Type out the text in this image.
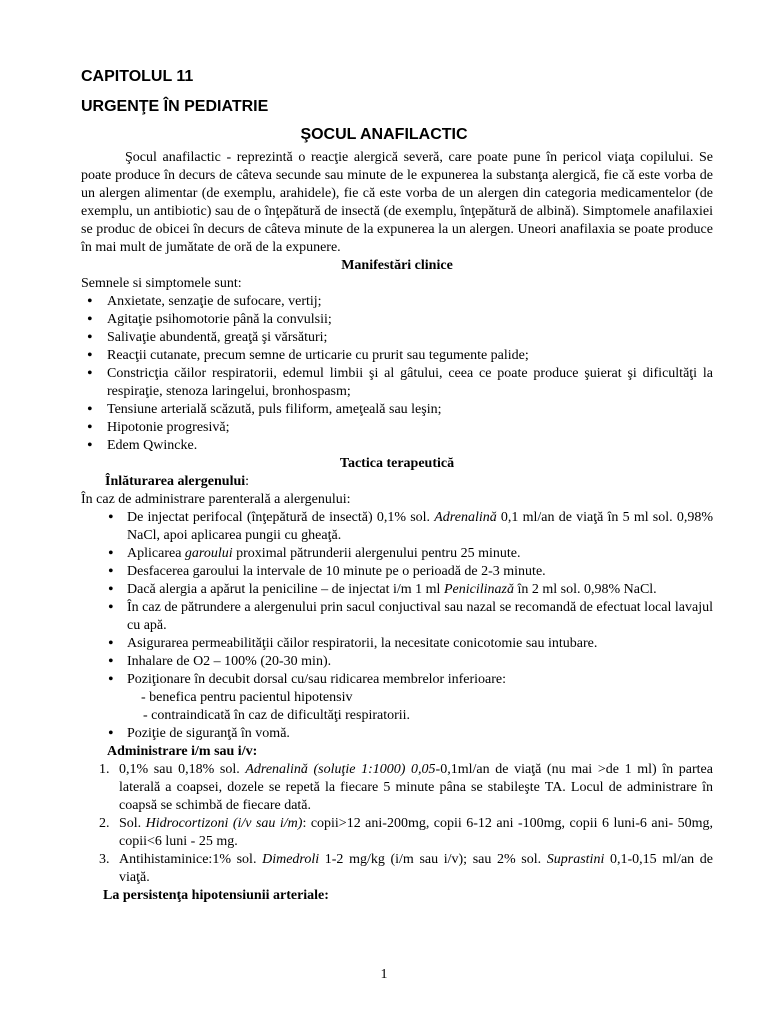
CAPITOLUL 11

URGENŢE ÎN PEDIATRIE

ŞOCUL ANAFILACTIC

Şocul anafilactic - reprezintă o reacţie alergică severă, care poate pune în pericol viaţa copilului. Se poate produce în decurs de câteva secunde sau minute de le expunerea la substanţa alergică, fie că este vorba de un alergen alimentar (de exemplu, arahidele), fie că este vorba de un alergen din categoria medicamentelor (de exemplu, un antibiotic) sau de o înţepătură de insectă (de exemplu, înţepătură de albină). Simptomele anafilaxiei se produc de obicei în decurs de câteva minute de la expunerea la un alergen. Uneori anafilaxia se poate produce în mai mult de jumătate de oră de la expunere.

Manifestări clinice

Semnele si simptomele sunt:

• Anxietate, senzaţie de sufocare, vertij;
• Agitaţie psihomotorie până la convulsii;
• Salivaţie abundentă, greaţă şi vărsături;
• Reacţii cutanate, precum semne de urticarie cu prurit sau tegumente palide;
• Constricţia căilor respiratorii, edemul limbii şi al gâtului, ceea ce poate produce şuierat şi dificultăţi la respiraţie, stenoza laringelui, bronhospasm;
• Tensiune arterială scăzută, puls filiform, ameţeală sau leşin;
• Hipotonie progresivă;
• Edem Qwincke.

Tactica terapeutică

Înlăturarea alergenului:

În caz de administrare parenterală a alergenului:

• De injectat perifocal (înţepătură de insectă) 0,1% sol. Adrenalină 0,1 ml/an de viaţă în 5 ml sol. 0,98% NaCl, apoi aplicarea pungii cu gheaţă.
• Aplicarea garoului proximal pătrunderii alergenului pentru 25 minute.
• Desfacerea garoului la intervale de 10 minute pe o perioadă de 2-3 minute.
• Dacă alergia a apărut la peniciline – de injectat i/m 1 ml Penicilinază în 2 ml sol. 0,98% NaCl.
• În caz de pătrundere a alergenului prin sacul conjuctival sau nazal se recomandă de efectuat local lavajul cu apă.
• Asigurarea permeabilităţii căilor respiratorii, la necesitate conicotomie sau intubare.
• Inhalare de O2 – 100% (20-30 min).
• Poziţionare în decubit dorsal cu/sau ridicarea membrelor inferioare:

- benefica pentru pacientul hipotensiv

- contraindicată în caz de dificultăţi respiratorii.

• Poziţie de siguranţă în vomă.

Administrare i/m sau i/v:

1. 0,1% sau 0,18% sol. Adrenalină (soluţie 1:1000) 0,05-0,1ml/an de viaţă (nu mai >de 1 ml) în partea laterală a coapsei, dozele se repetă la fiecare 5 minute pâna se stabileşte TA. Locul de administrare în coapsă se schimbă de fiecare dată.
2. Sol. Hidrocortizoni (i/v sau i/m): copii>12 ani-200mg, copii 6-12 ani -100mg, copii 6 luni-6 ani- 50mg, copii<6 luni - 25 mg.
3. Antihistaminice:1% sol. Dimedroli 1-2 mg/kg (i/m sau i/v); sau 2% sol. Suprastini 0,1-0,15 ml/an de viaţă.

La persistenţa hipotensiunii arteriale:

1
